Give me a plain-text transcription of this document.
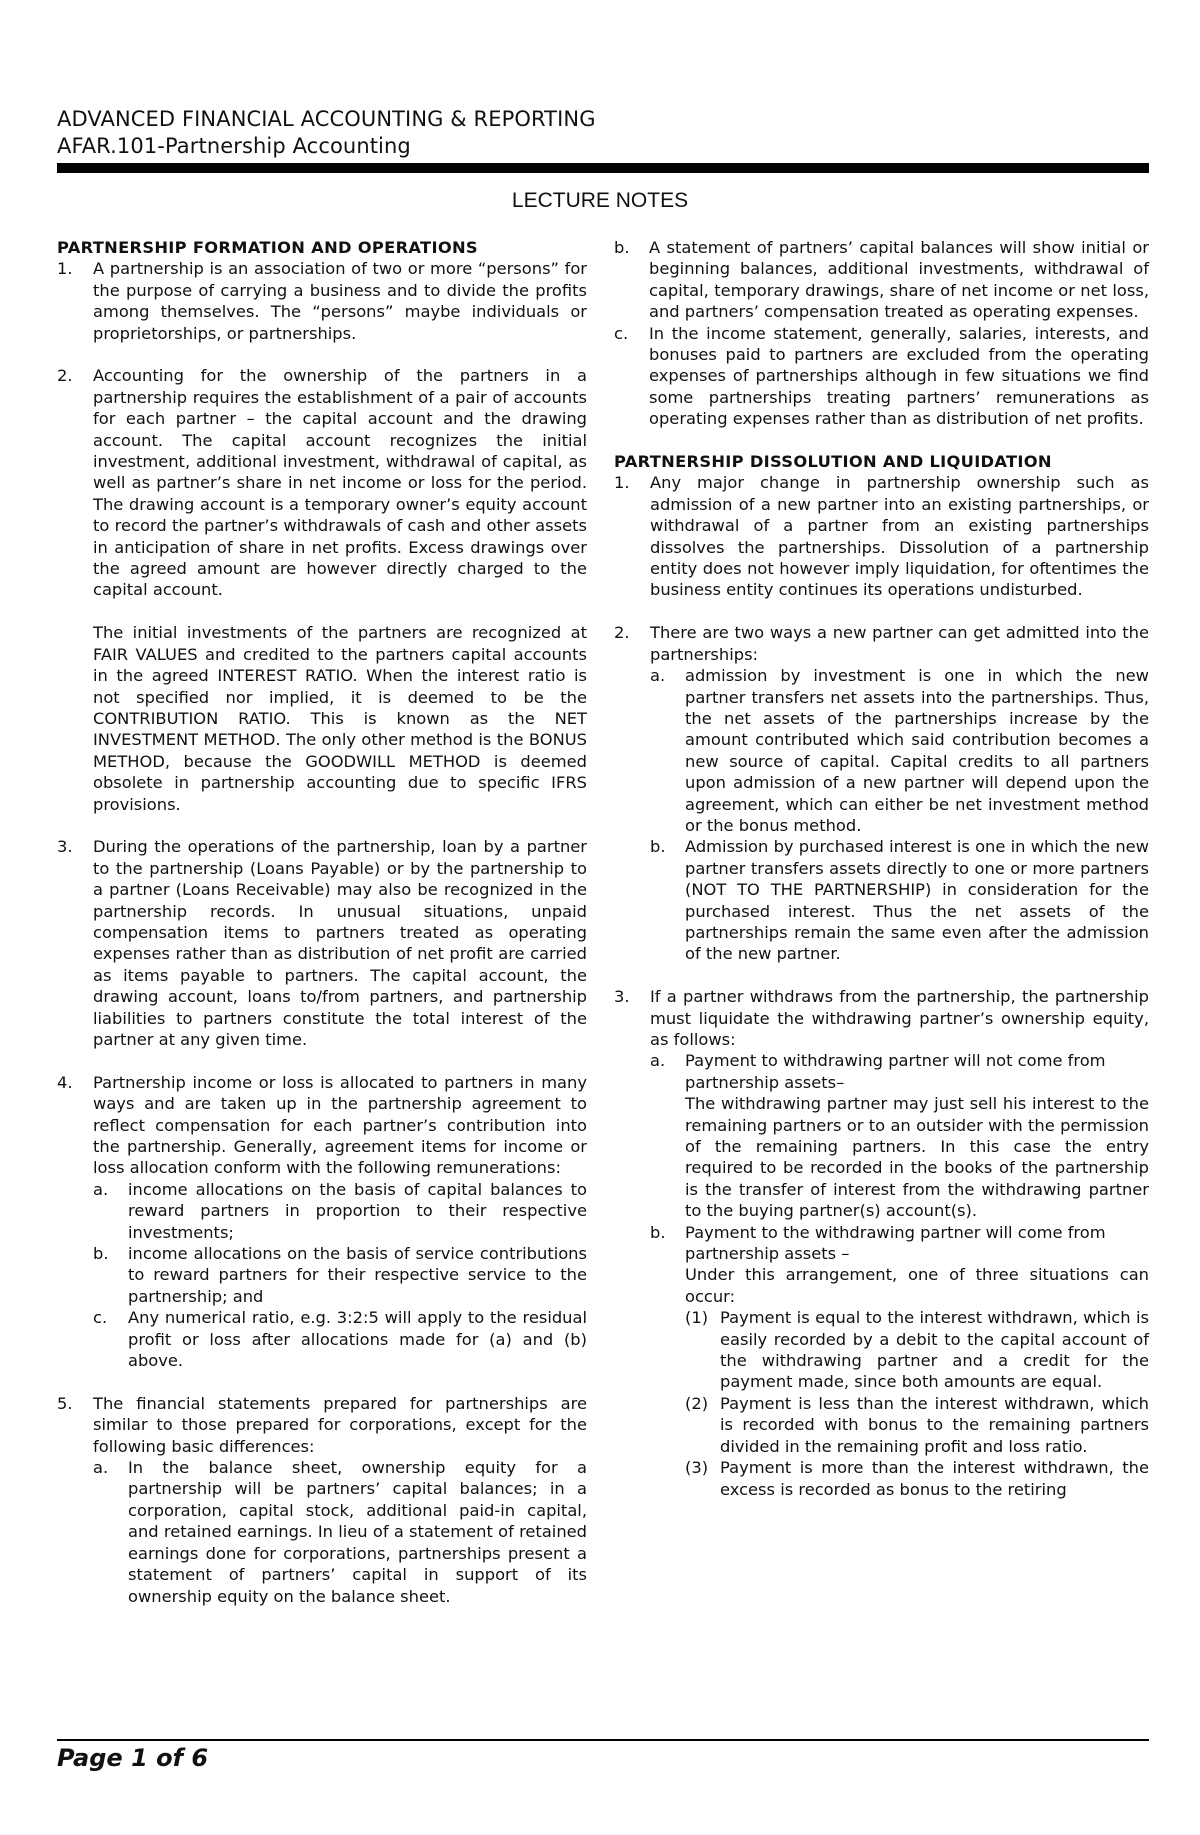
ADVANCED FINANCIAL ACCOUNTING & REPORTING
AFAR.101-Partnership Accounting
LECTURE NOTES

PARTNERSHIP FORMATION AND OPERATIONS

1.	A partnership is an association of two or more “persons” for the purpose of carrying a business and to divide the profits among themselves. The “persons” maybe individuals or proprietorships, or partnerships.

2.	Accounting for the ownership of the partners in a partnership requires the establishment of a pair of accounts for each partner – the capital account and the drawing account. The capital account recognizes the initial investment, additional investment, withdrawal of capital, as well as partner’s share in net income or loss for the period. The drawing account is a temporary owner’s equity account to record the partner’s withdrawals of cash and other assets in anticipation of share in net profits. Excess drawings over the agreed amount are however directly charged to the capital account.

The initial investments of the partners are recognized at FAIR VALUES and credited to the partners capital accounts in the agreed INTEREST RATIO. When the interest ratio is not specified nor implied, it is deemed to be the CONTRIBUTION RATIO. This is known as the NET INVESTMENT METHOD. The only other method is the BONUS METHOD, because the GOODWILL METHOD is deemed obsolete in partnership accounting due to specific IFRS provisions.

3.	During the operations of the partnership, loan by a partner to the partnership (Loans Payable) or by the partnership to a partner (Loans Receivable) may also be recognized in the partnership records. In unusual situations, unpaid compensation items to partners treated as operating expenses rather than as distribution of net profit are carried as items payable to partners. The capital account, the drawing account, loans to/from partners, and partnership liabilities to partners constitute the total interest of the partner at any given time.

4.	Partnership income or loss is allocated to partners in many ways and are taken up in the partnership agreement to reflect compensation for each partner’s contribution into the partnership. Generally, agreement items for income or loss allocation conform with the following remunerations:

a.	income allocations on the basis of capital balances to reward partners in proportion to their respective investments;
b.	income allocations on the basis of service contributions to reward partners for their respective service to the partnership; and
c.	Any numerical ratio, e.g. 3:2:5 will apply to the residual profit or loss after allocations made for (a) and (b) above.
5.	The financial statements prepared for partnerships are similar to those prepared for corporations, except for the following basic differences:

a.	In the balance sheet, ownership equity for a partnership will be partners’ capital balances; in a corporation, capital stock, additional paid-in capital, and retained earnings. In lieu of a statement of retained earnings done for corporations, partnerships present a statement of partners’ capital in support of its ownership equity on the balance sheet.
b.	A statement of partners’ capital balances will show initial or beginning balances, additional investments, withdrawal of capital, temporary drawings, share of net income or net loss, and partners’ compensation treated as operating expenses.
c.	In the income statement, generally, salaries, interests, and bonuses paid to partners are excluded from the operating expenses of partnerships although in few situations we find some partnerships treating partners’ remunerations as operating expenses rather than as distribution of net profits.

PARTNERSHIP DISSOLUTION AND LIQUIDATION

1.	Any major change in partnership ownership such as admission of a new partner into an existing partnerships, or withdrawal of a partner from an existing partnerships dissolves the partnerships. Dissolution of a partnership entity does not however imply liquidation, for oftentimes the business entity continues its operations undisturbed.

2.	There are two ways a new partner can get admitted into the partnerships:

a.	admission by investment is one in which the new partner transfers net assets into the partnerships. Thus, the net assets of the partnerships increase by the amount contributed which said contribution becomes a new source of capital. Capital credits to all partners upon admission of a new partner will depend upon the agreement, which can either be net investment method or the bonus method.
b.	Admission by purchased interest is one in which the new partner transfers assets directly to one or more partners (NOT TO THE PARTNERSHIP) in consideration for the purchased interest. Thus the net assets of the partnerships remain the same even after the admission of the new partner.
3.	If a partner withdraws from the partnership, the partnership must liquidate the withdrawing partner’s ownership equity, as follows:

a.	Payment to withdrawing partner will not come from partnership assets–

The withdrawing partner may just sell his interest to the remaining partners or to an outsider with the permission of the remaining partners. In this case the entry required to be recorded in the books of the partnership is the transfer of interest from the withdrawing partner to the buying partner(s) account(s).

b.	Payment to the withdrawing partner will come from partnership assets –

Under this arrangement, one of three situations can occur:

(1) Payment is equal to the interest withdrawn, which is easily recorded by a debit to the capital account of the withdrawing partner and a credit for the payment made, since both amounts are equal.
(2) Payment is less than the interest withdrawn, which is recorded with bonus to the remaining partners divided in the remaining profit and loss ratio.
(3) Payment is more than the interest withdrawn, the excess is recorded as bonus to the retiring
Page 1 of 6
